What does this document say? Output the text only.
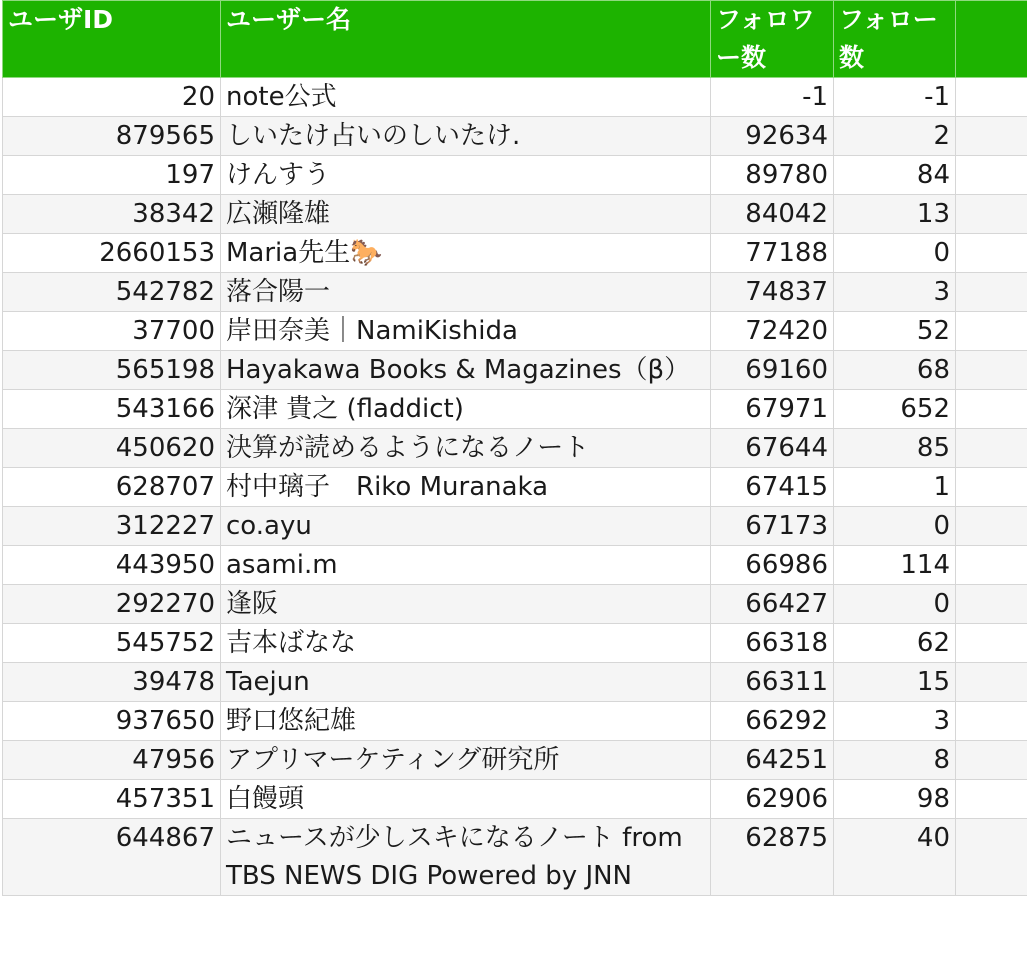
ユーザID	ユーザー名	フォロワー数	フォロー数	
20	note公式	-1	-1	
879565	しいたけ占いのしいたけ.	92634	2	
197	けんすう	89780	84	
38342	広瀬隆雄	84042	13	
2660153	Maria先生🐎	77188	0	
542782	落合陽一	74837	3	
37700	岸田奈美｜NamiKishida	72420	52	
565198	Hayakawa Books & Magazines（β）	69160	68	
543166	深津 貴之 (fladdict)	67971	652	
450620	決算が読めるようになるノート	67644	85	
628707	村中璃子　Riko Muranaka	67415	1	
312227	co.ayu	67173	0	
443950	asami.m	66986	114	
292270	逢阪	66427	0	
545752	吉本ばなな	66318	62	
39478	Taejun	66311	15	
937650	野口悠紀雄	66292	3	
47956	アプリマーケティング研究所	64251	8	
457351	白饅頭	62906	98	
644867	ニュースが少しスキになるノート from TBS NEWS DIG Powered by JNN	62875	40	
